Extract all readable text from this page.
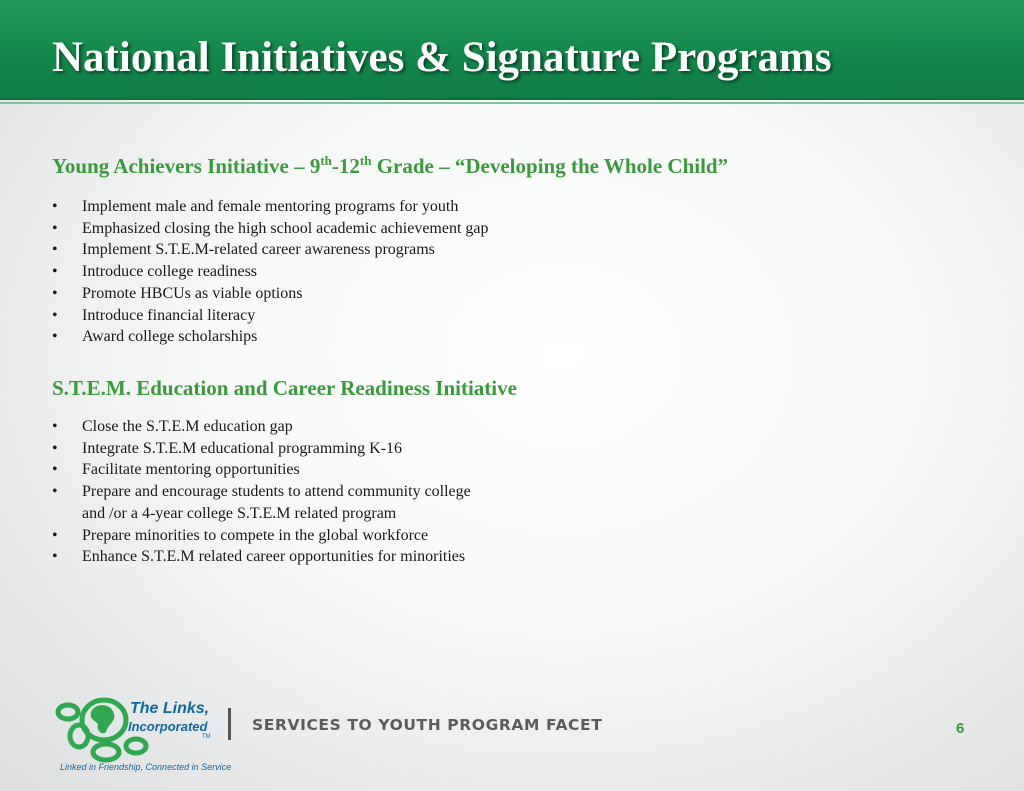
National Initiatives & Signature Programs
Young Achievers Initiative – 9th-12th Grade – “Developing the Whole Child”
• Implement male and female mentoring programs for youth
• Emphasized closing the high school academic achievement gap
• Implement S.T.E.M-related career awareness programs
• Introduce college readiness
• Promote HBCUs as viable options
• Introduce financial literacy
• Award college scholarships
S.T.E.M. Education and Career Readiness Initiative
• Close the S.T.E.M education gap
• Integrate S.T.E.M educational programming K-16
• Facilitate mentoring opportunities
• Prepare and encourage students to attend community college
and /or a 4-year college S.T.E.M related program
• Prepare minorities to compete in the global workforce
• Enhance S.T.E.M related career opportunities for minorities
The Links,
Incorporated
TM
Linked in Friendship, Connected in Service
SERVICES TO YOUTH PROGRAM FACET	6
